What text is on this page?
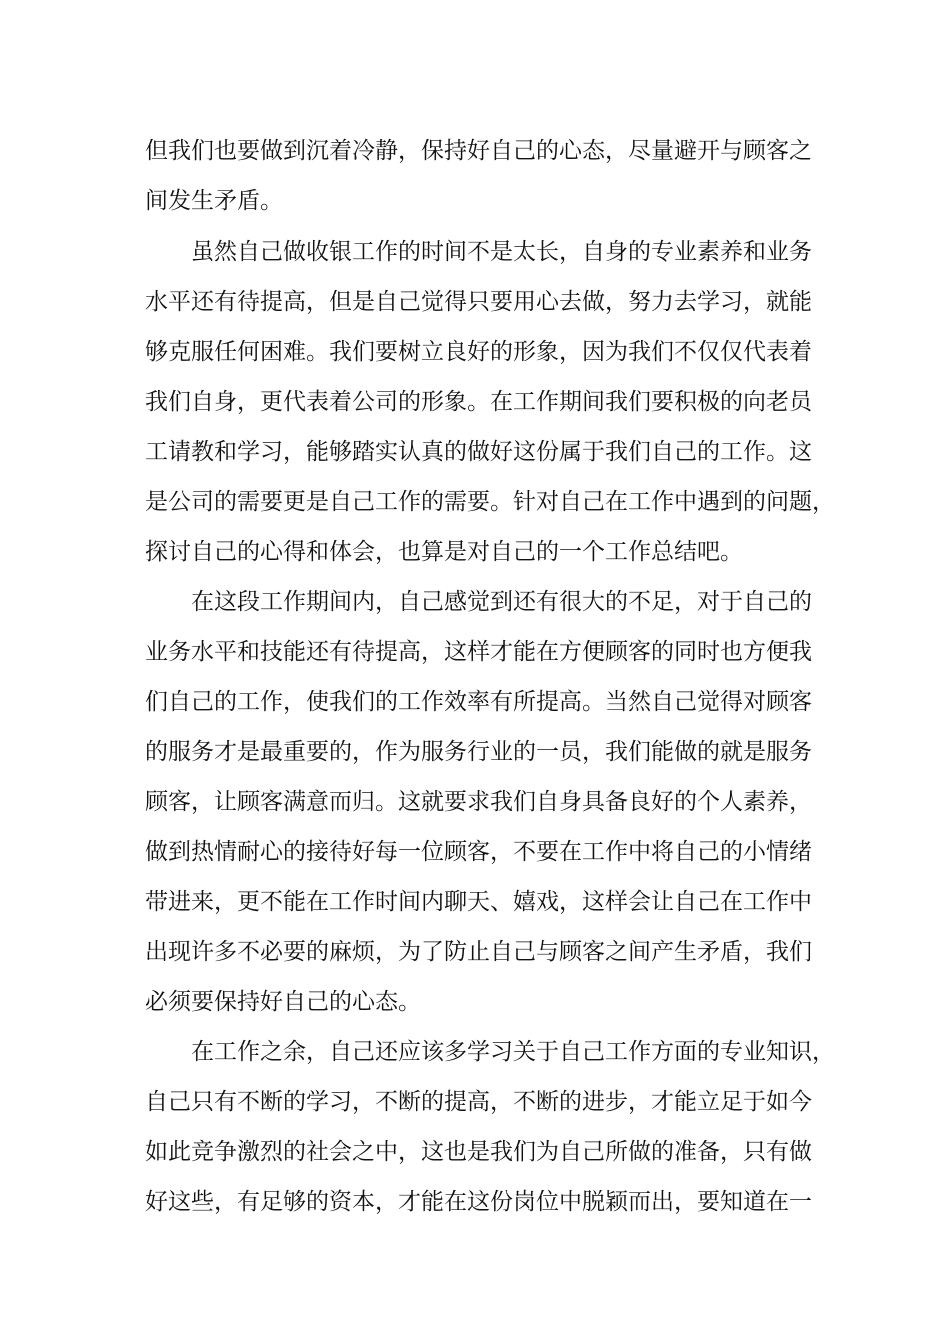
但我们也要做到沉着冷静，保持好自己的心态，尽量避开与顾客之
间发生矛盾。
虽然自己做收银工作的时间不是太长，自身的专业素养和业务
水平还有待提高，但是自己觉得只要用心去做，努力去学习，就能
够克服任何困难。我们要树立良好的形象，因为我们不仅仅代表着
我们自身，更代表着公司的形象。在工作期间我们要积极的向老员
工请教和学习，能够踏实认真的做好这份属于我们自己的工作。这
是公司的需要更是自己工作的需要。针对自己在工作中遇到的问题，
探讨自己的心得和体会，也算是对自己的一个工作总结吧。
在这段工作期间内，自己感觉到还有很大的不足，对于自己的
业务水平和技能还有待提高，这样才能在方便顾客的同时也方便我
们自己的工作，使我们的工作效率有所提高。当然自己觉得对顾客
的服务才是最重要的，作为服务行业的一员，我们能做的就是服务
顾客，让顾客满意而归。这就要求我们自身具备良好的个人素养，
做到热情耐心的接待好每一位顾客，不要在工作中将自己的小情绪
带进来，更不能在工作时间内聊天、嬉戏，这样会让自己在工作中
出现许多不必要的麻烦，为了防止自己与顾客之间产生矛盾，我们
必须要保持好自己的心态。
在工作之余，自己还应该多学习关于自己工作方面的专业知识，
自己只有不断的学习，不断的提高，不断的进步，才能立足于如今
如此竞争激烈的社会之中，这也是我们为自己所做的准备，只有做
好这些，有足够的资本，才能在这份岗位中脱颖而出，要知道在一
